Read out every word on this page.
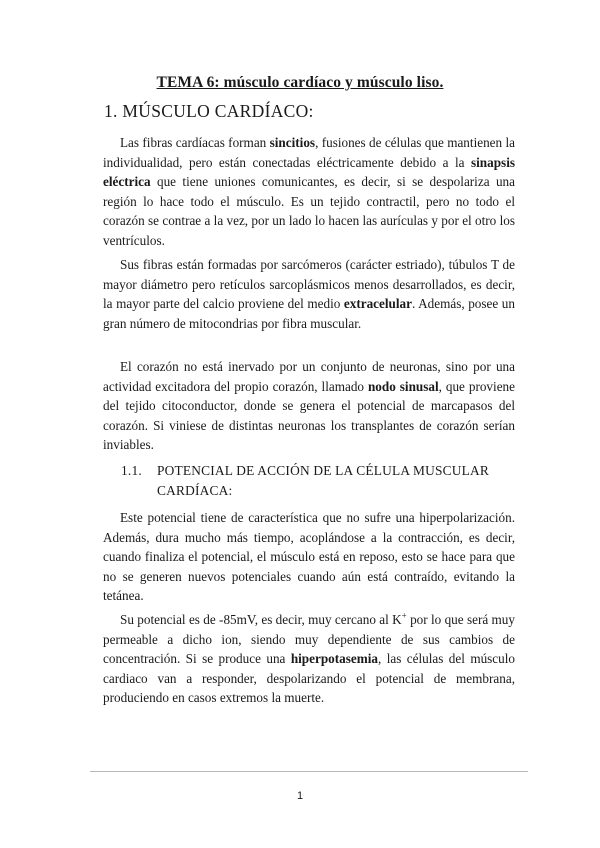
TEMA 6: músculo cardíaco y músculo liso.
1. MÚSCULO CARDÍACO:

Las fibras cardíacas forman sincitios, fusiones de células que mantienen la individualidad, pero están conectadas eléctricamente debido a la sinapsis eléctrica que tiene uniones comunicantes, es decir, si se despolariza una región lo hace todo el músculo. Es un tejido contractil, pero no todo el corazón se contrae a la vez, por un lado lo hacen las aurículas y por el otro los ventrículos.

Sus fibras están formadas por sarcómeros (carácter estriado), túbulos T de mayor diámetro pero retículos sarcoplásmicos menos desarrollados, es decir, la mayor parte del calcio proviene del medio extracelular. Además, posee un gran número de mitocondrias por fibra muscular.

El corazón no está inervado por un conjunto de neuronas, sino por una actividad excitadora del propio corazón, llamado nodo sinusal, que proviene del tejido citoconductor, donde se genera el potencial de marcapasos del corazón. Si viniese de distintas neuronas los transplantes de corazón serían inviables.

1.1. POTENCIAL DE ACCIÓN DE LA CÉLULA MUSCULAR CARDÍACA:

Este potencial tiene de característica que no sufre una hiperpolarización. Además, dura mucho más tiempo, acoplándose a la contracción, es decir, cuando finaliza el potencial, el músculo está en reposo, esto se hace para que no se generen nuevos potenciales cuando aún está contraído, evitando la tetánea.

Su potencial es de -85mV, es decir, muy cercano al K+ por lo que será muy permeable a dicho ion, siendo muy dependiente de sus cambios de concentración. Si se produce una hiperpotasemia, las células del músculo cardiaco van a responder, despolarizando el potencial de membrana, produciendo en casos extremos la muerte.

1
